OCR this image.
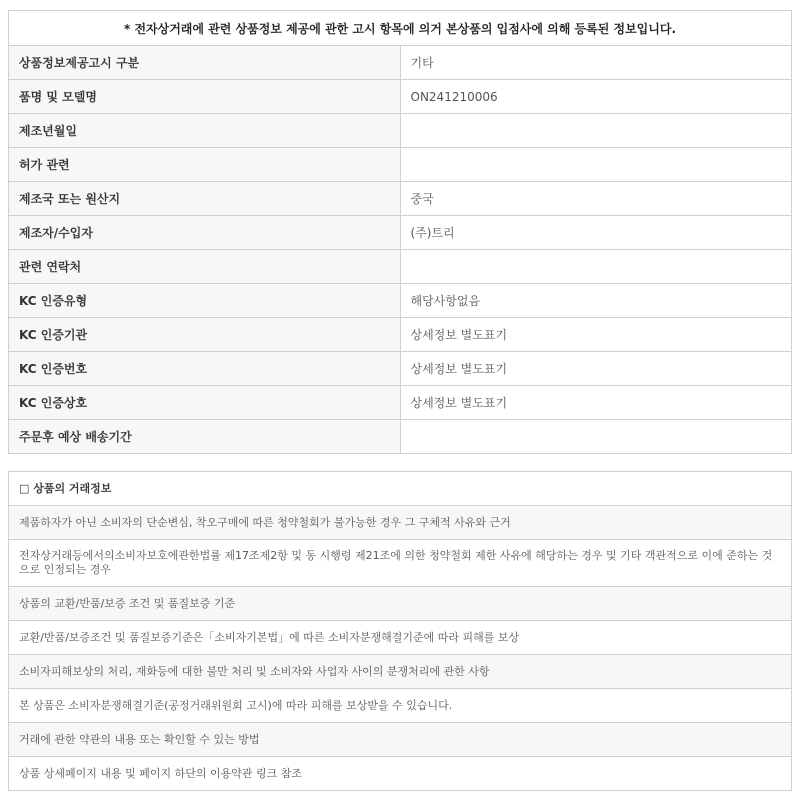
* 전자상거래에 관련 상품정보 제공에 관한 고시 항목에 의거 본상품의 입점사에 의해 등록된 정보입니다.	
상품정보제공고시 구분	기타
품명 및 모델명	ON241210006
제조년월일	
허가 관련	
제조국 또는 원산지	중국
제조자/수입자	(주)트리
관련 연락처	
KC 인증유형	해당사항없음
KC 인증기관	상세정보 별도표기
KC 인증번호	상세정보 별도표기
KC 인증상호	상세정보 별도표기
주문후 예상 배송기간	
□ 상품의 거래정보
제품하자가 아닌 소비자의 단순변심, 착오구매에 따른 청약철회가 불가능한 경우 그 구체적 사유와 근거
전자상거래등에서의소비자보호에관한법률 제17조제2항 및 동 시행령 제21조에 의한 청약철회 제한 사유에 해당하는 경우 및 기타 객관적으로 이에 준하는 것으로 인정되는 경우
상품의 교환/반품/보증 조건 및 품질보증 기준
교환/반품/보증조건 및 품질보증기준은「소비자기본법」에 따른 소비자분쟁해결기준에 따라 피해를 보상
소비자피해보상의 처리, 재화등에 대한 불만 처리 및 소비자와 사업자 사이의 분쟁처리에 관한 사항
본 상품은 소비자분쟁해결기준(공정거래위원회 고시)에 따라 피해를 보상받을 수 있습니다.
거래에 관한 약관의 내용 또는 확인할 수 있는 방법
상품 상세페이지 내용 및 페이지 하단의 이용약관 링크 참조
